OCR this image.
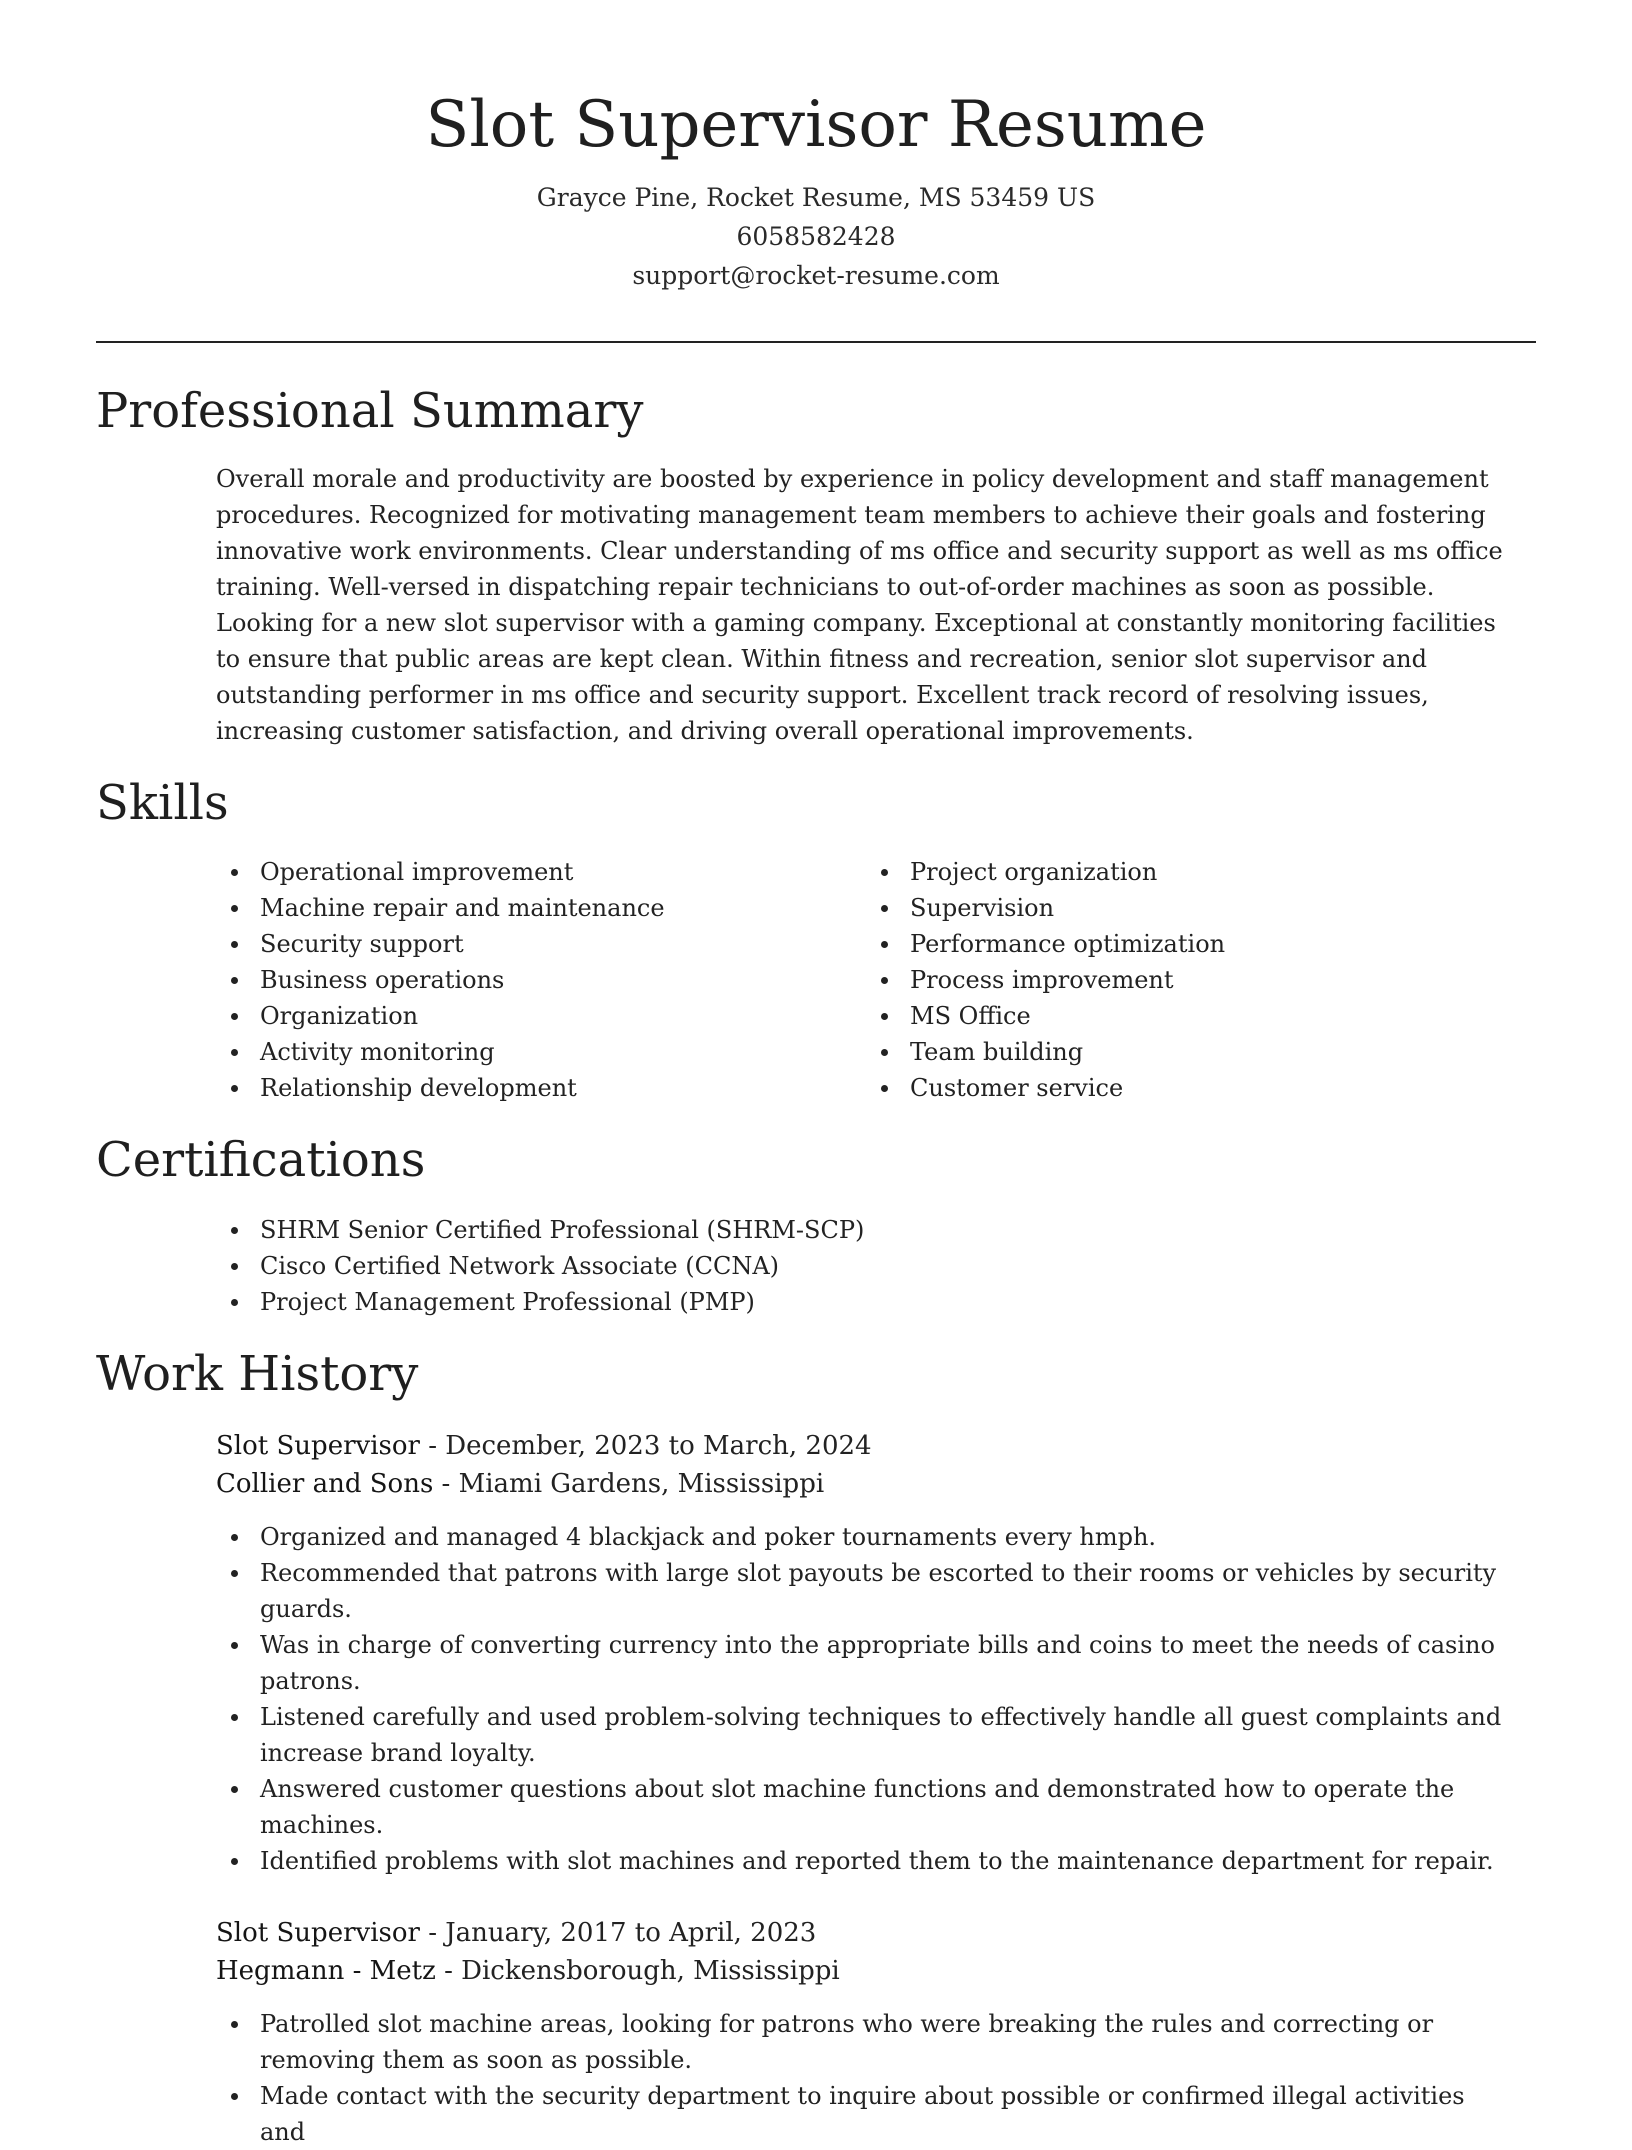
Slot Supervisor Resume
Grayce Pine, Rocket Resume, MS 53459 US
6058582428
support@rocket-resume.com
Professional Summary

Overall morale and productivity are boosted by experience in policy development and staff management procedures. Recognized for motivating management team members to achieve their goals and fostering innovative work environments. Clear understanding of ms office and security support as well as ms office training. Well-versed in dispatching repair technicians to out-of-order machines as soon as possible. Looking for a new slot supervisor with a gaming company. Exceptional at constantly monitoring facilities to ensure that public areas are kept clean. Within fitness and recreation, senior slot supervisor and outstanding performer in ms office and security support. Excellent track record of resolving issues, increasing customer satisfaction, and driving overall operational improvements.

Skills
Operational improvement
Machine repair and maintenance
Security support
Business operations
Organization
Activity monitoring
Relationship development
Project organization
Supervision
Performance optimization
Process improvement
MS Office
Team building
Customer service
Certifications
SHRM Senior Certified Professional (SHRM-SCP)
Cisco Certified Network Associate (CCNA)
Project Management Professional (PMP)
Work History
Slot Supervisor - December, 2023 to March, 2024
Collier and Sons - Miami Gardens, Mississippi
Organized and managed 4 blackjack and poker tournaments every hmph.
Recommended that patrons with large slot payouts be escorted to their rooms or vehicles by security guards.
Was in charge of converting currency into the appropriate bills and coins to meet the needs of casino patrons.
Listened carefully and used problem-solving techniques to effectively handle all guest complaints and increase brand loyalty.
Answered customer questions about slot machine functions and demonstrated how to operate the machines.
Identified problems with slot machines and reported them to the maintenance department for repair.
Slot Supervisor - January, 2017 to April, 2023
Hegmann - Metz - Dickensborough, Mississippi
Patrolled slot machine areas, looking for patrons who were breaking the rules and correcting or removing them as soon as possible.
Made contact with the security department to inquire about possible or confirmed illegal activities and
